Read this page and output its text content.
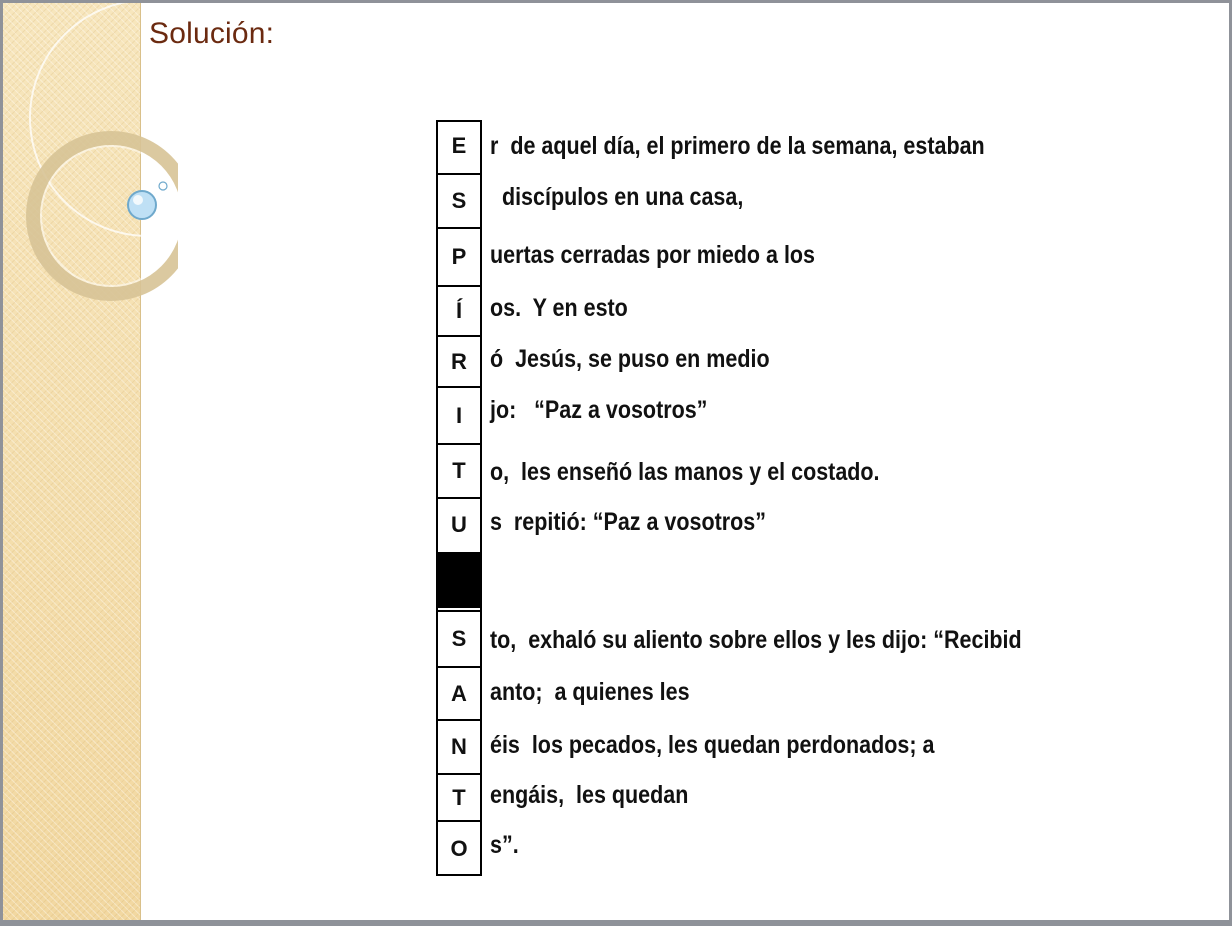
Solución:
E r  de aquel día, el primero de la semana, estaban
S discípulos en una casa,
P uertas cerradas por miedo a los
Í	os.  Y en esto
R ó  Jesús, se puso en medio
I	jo:   “Paz a vosotros”
T o,  les enseñó las manos y el costado.
U s  repitió: “Paz a vosotros”
S to,  exhaló su aliento sobre ellos y les dijo: “Recibid
A anto;  a quienes les
N éis  los pecados, les quedan perdonados; a
T engáis,  les quedan
O s”.
